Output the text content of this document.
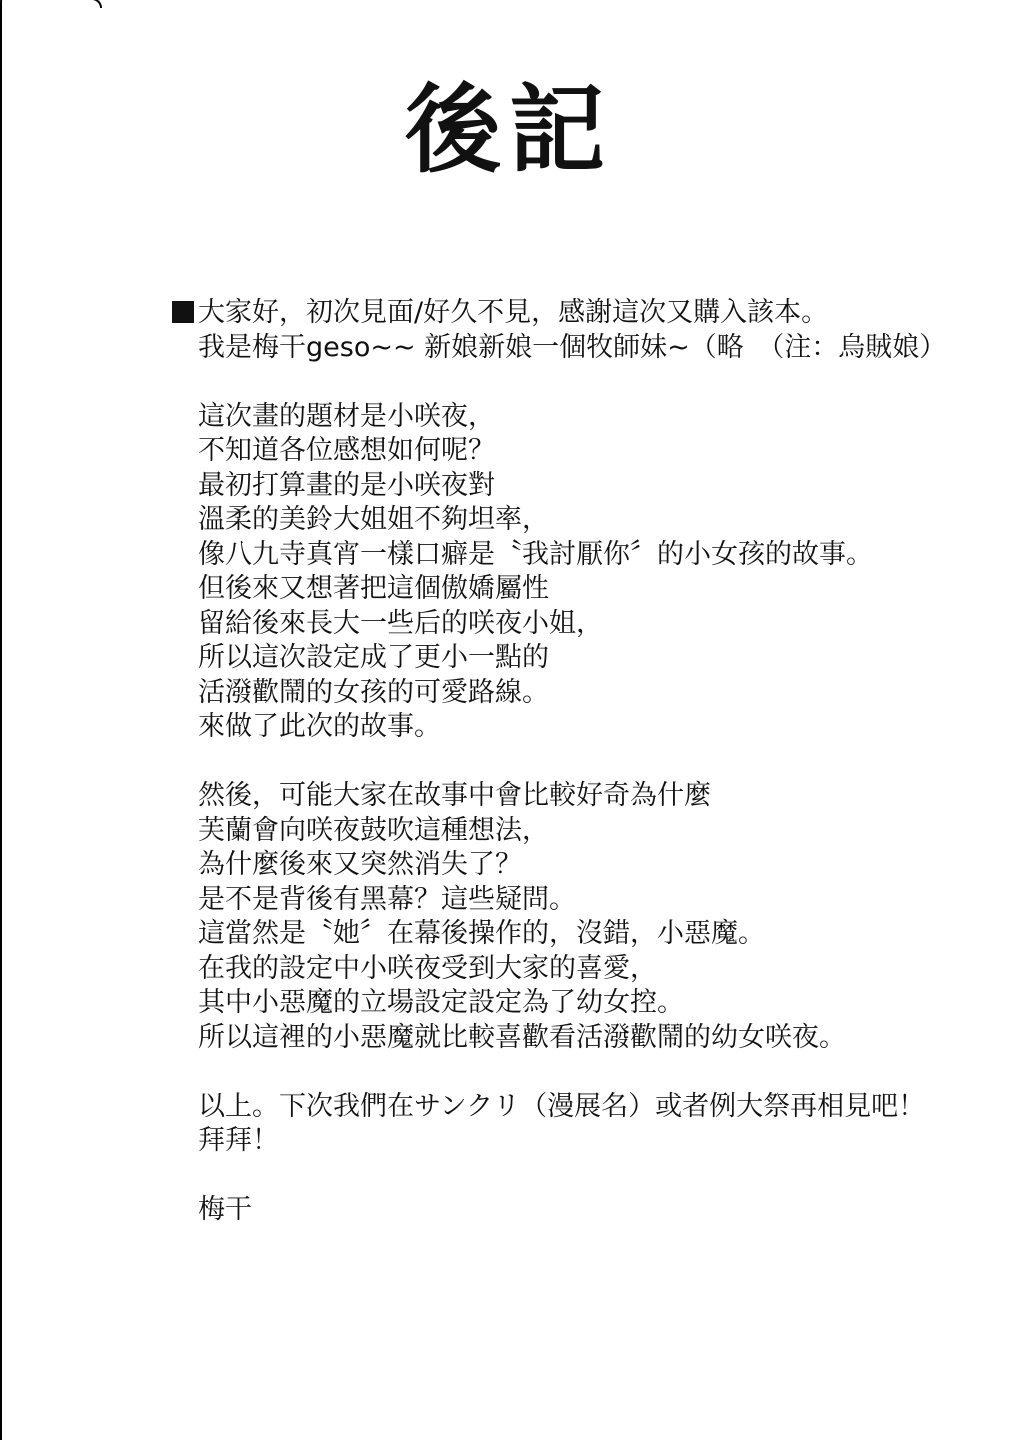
後記
大家好，初次見面/好久不見，感謝這次又購入該本。
我是梅干geso~~ 新娘新娘一個牧師妹~（略　（注：烏賊娘）
這次畫的題材是小咲夜，
不知道各位感想如何呢？
最初打算畫的是小咲夜對
溫柔的美鈴大姐姐不夠坦率，
像八九寺真宵一樣口癖是〝我討厭你〞的小女孩的故事。
但後來又想著把這個傲嬌屬性
留給後來長大一些后的咲夜小姐，
所以這次設定成了更小一點的
活潑歡鬧的女孩的可愛路線。
來做了此次的故事。
然後，可能大家在故事中會比較好奇為什麼
芙蘭會向咲夜鼓吹這種想法，
為什麼後來又突然消失了？
是不是背後有黑幕？這些疑問。
這當然是〝她〞在幕後操作的，沒錯，小惡魔。
在我的設定中小咲夜受到大家的喜愛，
其中小惡魔的立場設定設定為了幼女控。
所以這裡的小惡魔就比較喜歡看活潑歡鬧的幼女咲夜。
以上。下次我們在サンクリ（漫展名）或者例大祭再相見吧！
拜拜！
梅干
